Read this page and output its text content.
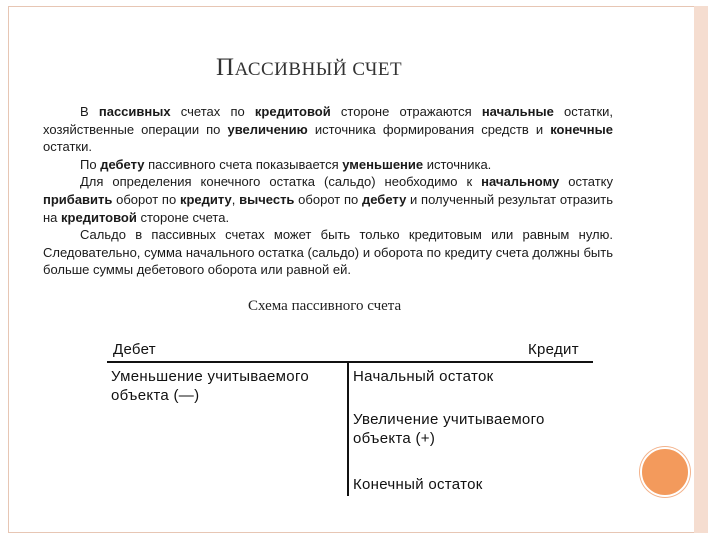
ПАССИВНЫЙ СЧЕТ

В пассивных счетах по кредитовой стороне отражаются начальные остатки, хозяйственные операции по увеличению источника формирования средств и конечные остатки.

По дебету пассивного счета показывается уменьшение источника.

Для определения конечного остатка (сальдо) необходимо к начальному остатку прибавить оборот по кредиту, вычесть оборот по дебету и полученный результат отразить на кредитовой стороне счета.

Сальдо в пассивных счетах может быть только кредитовым или равным нулю. Следовательно, сумма начального остатка (сальдо) и оборота по кредиту счета должны быть больше суммы дебетового оборота или равной ей.

Схема пассивного счета
Дебет	Кредит
Уменьшение учитываемого
объекта (—)
Начальный остаток
Увеличение учитываемого
объекта (+)
Конечный остаток
